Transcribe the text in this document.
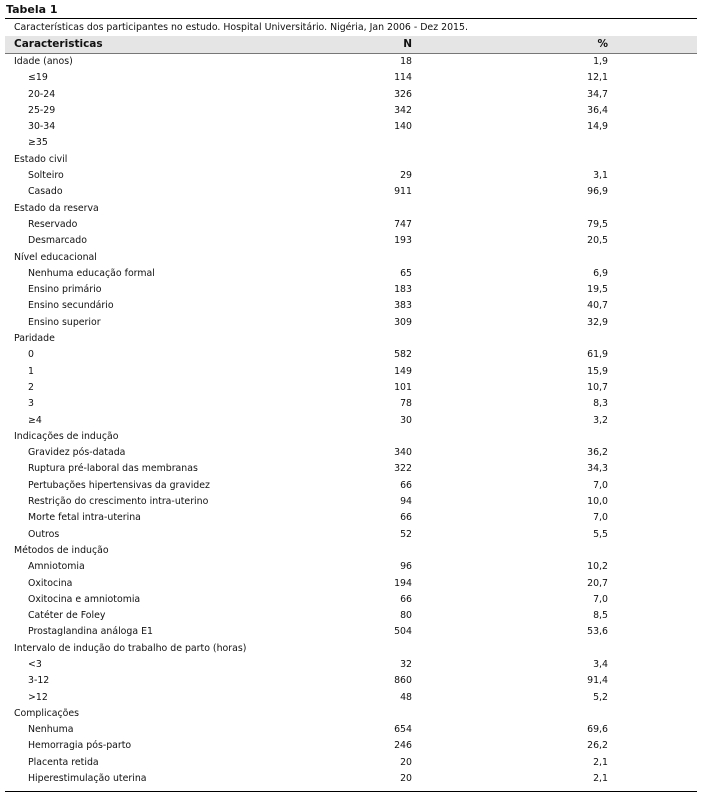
Tabela 1
Características dos participantes no estudo. Hospital Universitário. Nigéria, Jan 2006 - Dez 2015.
Caracteristicas	N	%
Idade (anos)	18	1,9
≤19	114	12,1
20-24	326	34,7
25-29	342	36,4
30-34	140	14,9
≥35
Estado civil
Solteiro	29	3,1
Casado	911	96,9
Estado da reserva
Reservado	747	79,5
Desmarcado	193	20,5
Nível educacional
Nenhuma educação formal	65	6,9
Ensino primário	183	19,5
Ensino secundário	383	40,7
Ensino superior	309	32,9
Paridade
0	582	61,9
1	149	15,9
2	101	10,7
3	78	8,3
≥4	30	3,2
Indicações de indução
Gravidez pós-datada	340	36,2
Ruptura pré-laboral das membranas	322	34,3
Pertubações hipertensivas da gravidez	66	7,0
Restrição do crescimento intra-uterino	94	10,0
Morte fetal intra-uterina	66	7,0
Outros	52	5,5
Métodos de indução
Amniotomia	96	10,2
Oxitocina	194	20,7
Oxitocina e amniotomia	66	7,0
Catéter de Foley	80	8,5
Prostaglandina análoga E1	504	53,6
Intervalo de indução do trabalho de parto (horas)
<3	32	3,4
3-12	860	91,4
>12	48	5,2
Complicações
Nenhuma	654	69,6
Hemorragia pós-parto	246	26,2
Placenta retida	20	2,1
Hiperestimulação uterina	20	2,1
